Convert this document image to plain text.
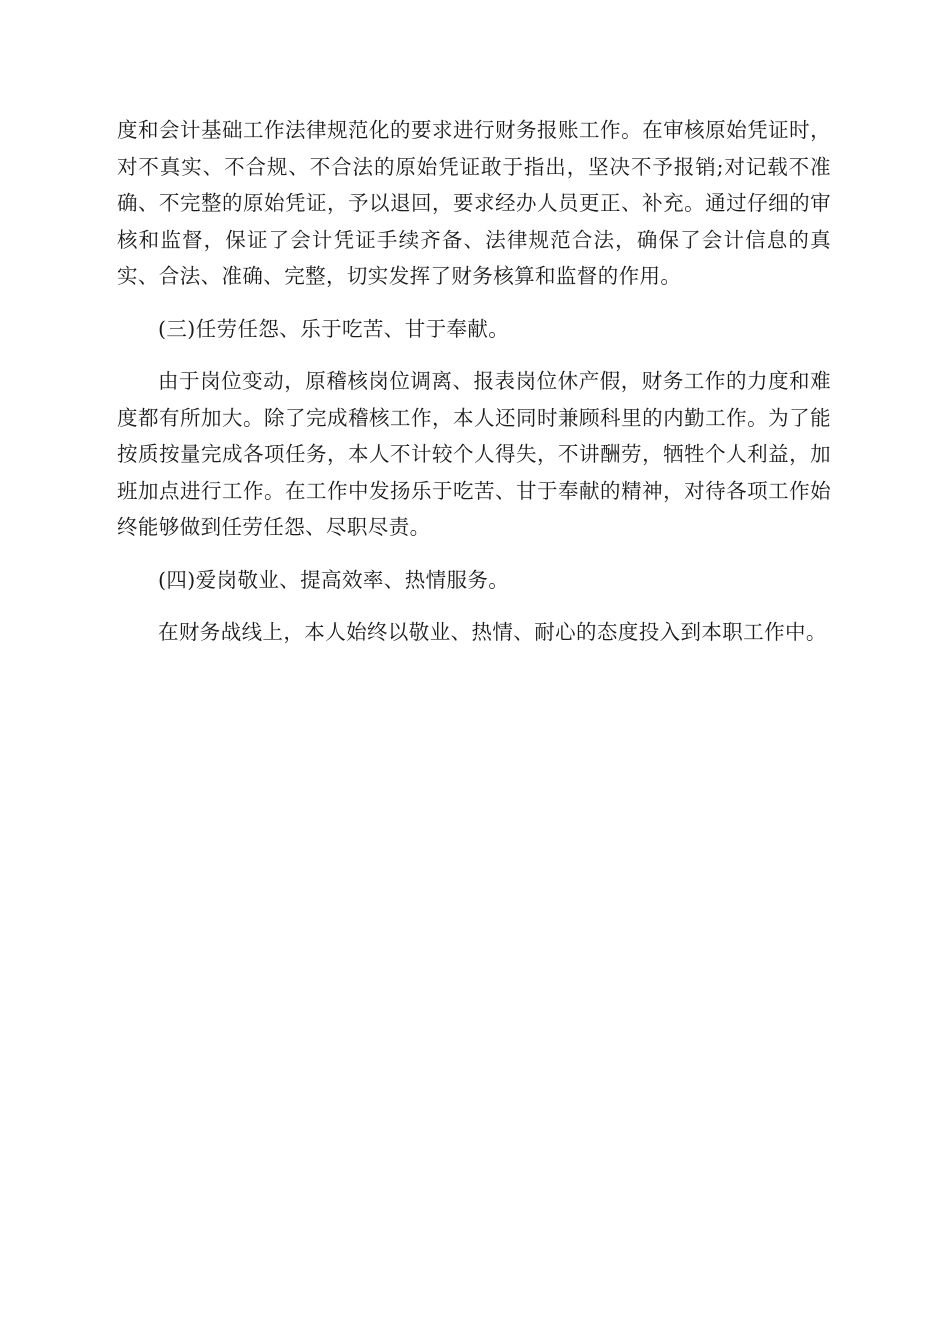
度和会计基础工作法律规范化的要求进行财务报账工作。在审核原始凭证时，对不真实、不合规、不合法的原始凭证敢于指出，坚决不予报销;对记载不准确、不完整的原始凭证，予以退回，要求经办人员更正、补充。通过仔细的审核和监督，保证了会计凭证手续齐备、法律规范合法，确保了会计信息的真实、合法、准确、完整，切实发挥了财务核算和监督的作用。

(三)任劳任怨、乐于吃苦、甘于奉献。

由于岗位变动，原稽核岗位调离、报表岗位休产假，财务工作的力度和难度都有所加大。除了完成稽核工作，本人还同时兼顾科里的内勤工作。为了能按质按量完成各项任务，本人不计较个人得失，不讲酬劳，牺牲个人利益，加班加点进行工作。在工作中发扬乐于吃苦、甘于奉献的精神，对待各项工作始终能够做到任劳任怨、尽职尽责。

(四)爱岗敬业、提高效率、热情服务。

在财务战线上，本人始终以敬业、热情、耐心的态度投入到本职工作中。
